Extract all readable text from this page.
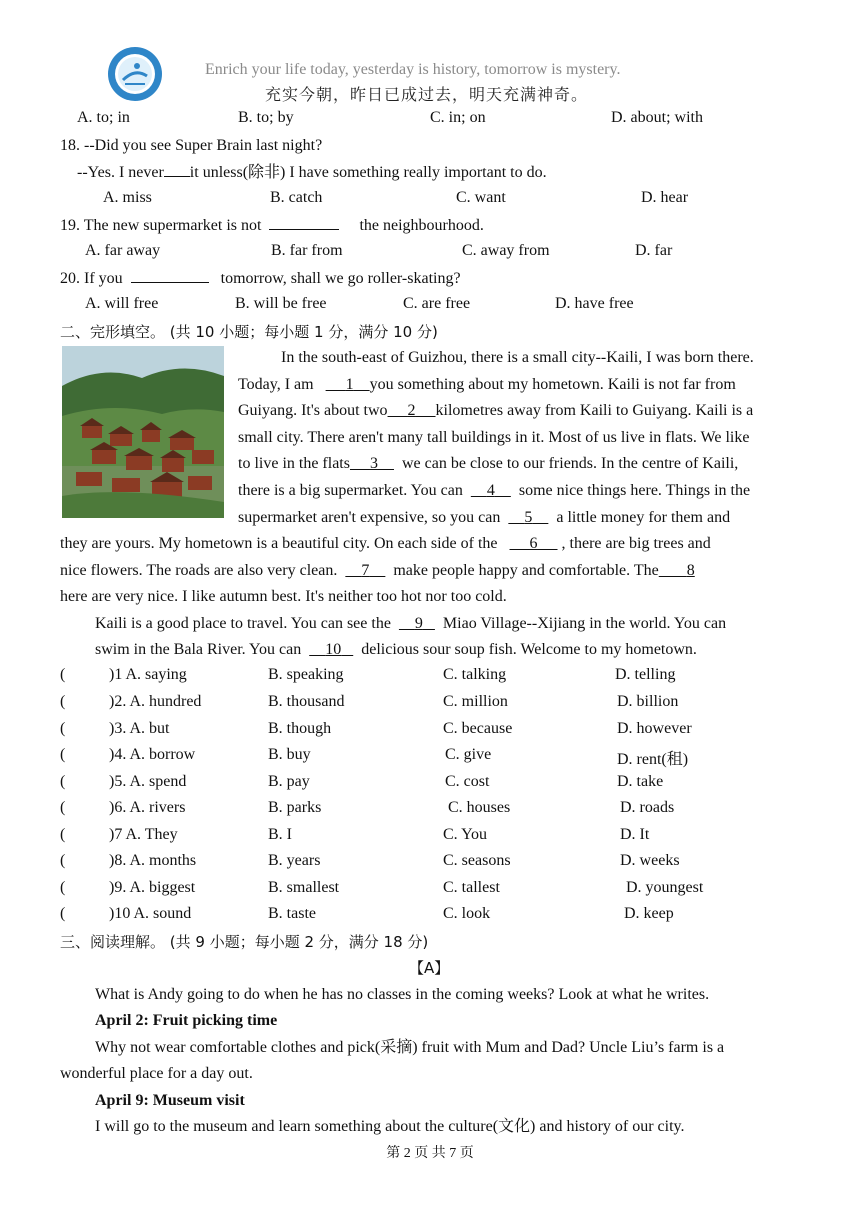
Enrich your life today, yesterday is history, tomorrow is mystery.
充实今朝，昨日已成过去，明天充满神奇。
A. to; in	B. to; by	C. in; on	D. about; with
18. --Did you see Super Brain last night?
--Yes. I never it unless(除非) I have something really important to do.
A. miss	B. catch	C. want	D. hear
19. The new supermarket is not	the neighbourhood.
A. far away	B. far from	C. away from	D. far
20. If you	tomorrow, shall we go roller-skating?
A. will free	B. will be free	C. are free	D. have free
二、完形填空。 (共 10 小题；每小题 1 分，满分 10 分)
In the south-east of Guizhou, there is a small city--Kaili, I was born there.
Today, I am 1 you something about my hometown. Kaili is not far from
Guiyang. It's about two 2 kilometres away from Kaili to Guiyang. Kaili is a
small city. There aren't many tall buildings in it. Most of us live in flats. We like
to live in the flats 3 we can be close to our friends. In the centre of Kaili,
there is a big supermarket. You can 4 some nice things here. Things in the
supermarket aren't expensive, so you can 5 a little money for them and
they are yours. My hometown is a beautiful city. On each side of the 6 , there are big trees and
nice flowers. The roads are also very clean. 7 make people happy and comfortable. The 8
here are very nice. I like autumn best. It's neither too hot nor too cold.
Kaili is a good place to travel. You can see the 9 Miao Village--Xijiang in the world. You can
swim in the Bala River. You can 10 delicious sour soup fish. Welcome to my hometown.
(	)1 A. saying	B. speaking	C. talking	D. telling
(	)2. A. hundred	B. thousand	C. million	D. billion
(	)3. A. but	B. though	C. because	D. however
(	)4. A. borrow	B. buy	C. give	D. rent(租)
(	)5. A. spend	B. pay	C. cost	D. take
(	)6. A. rivers	B. parks	C. houses	D. roads
(	)7 A. They	B. I	C. You	D. It
(	)8. A. months	B. years	C. seasons	D. weeks
(	)9. A. biggest	B. smallest	C. tallest	D. youngest
(	)10 A. sound	B. taste	C. look	D. keep
三、阅读理解。 (共 9 小题；每小题 2 分，满分 18 分)
【A】
What is Andy going to do when he has no classes in the coming weeks? Look at what he writes.
April 2: Fruit picking time
Why not wear comfortable clothes and pick(采摘) fruit with Mum and Dad? Uncle Liu’s farm is a
wonderful place for a day out.
April 9: Museum visit
I will go to the museum and learn something about the culture(文化) and history of our city.
第 2 页 共 7 页
